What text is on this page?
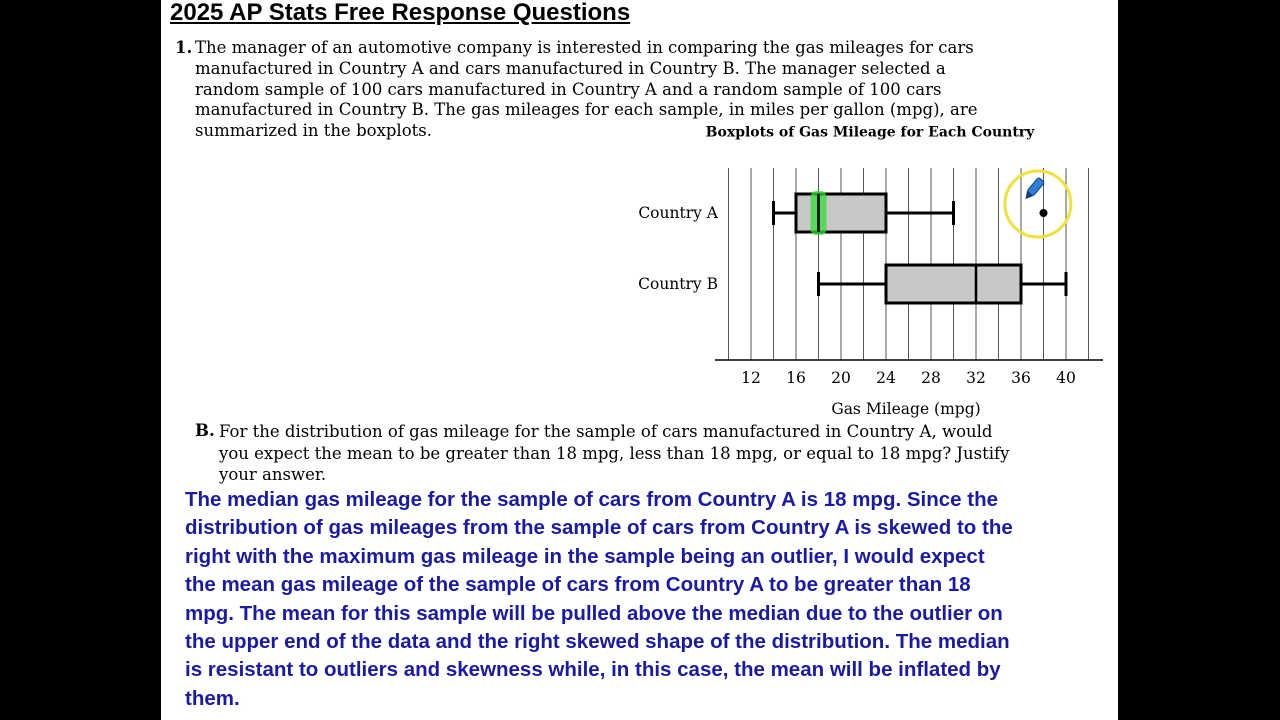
2025 AP Stats Free Response Questions
1. The manager of an automotive company is interested in comparing the gas mileages for cars
manufactured in Country A and cars manufactured in Country B. The manager selected a
random sample of 100 cars manufactured in Country A and a random sample of 100 cars
manufactured in Country B. The gas mileages for each sample, in miles per gallon (mpg), are
summarized in the boxplots.	Boxplots of Gas Mileage for Each Country
Country A
Country B
12 16 20 24 28 32 36 40
Gas Mileage (mpg)
B. For the distribution of gas mileage for the sample of cars manufactured in Country A, would
you expect the mean to be greater than 18 mpg, less than 18 mpg, or equal to 18 mpg? Justify
your answer.
The median gas mileage for the sample of cars from Country A is 18 mpg. Since the
distribution of gas mileages from the sample of cars from Country A is skewed to the
right with the maximum gas mileage in the sample being an outlier, I would expect
the mean gas mileage of the sample of cars from Country A to be greater than 18
mpg. The mean for this sample will be pulled above the median due to the outlier on
the upper end of the data and the right skewed shape of the distribution. The median
is resistant to outliers and skewness while, in this case, the mean will be inflated by
them.
